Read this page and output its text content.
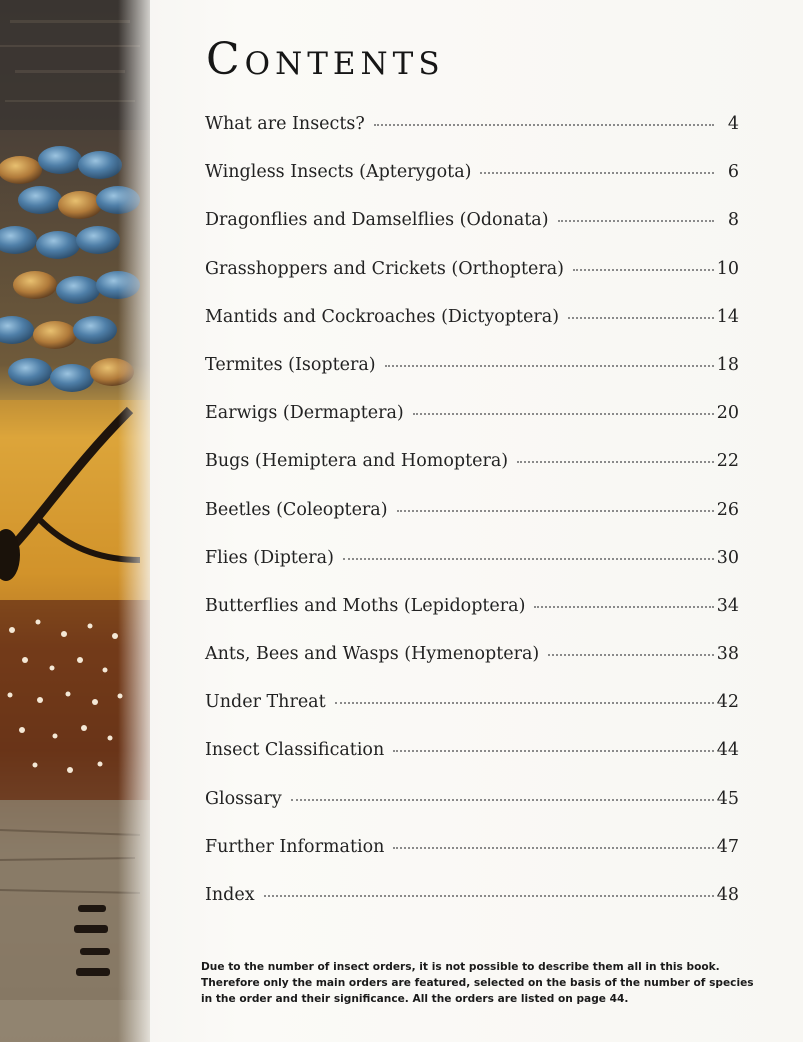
Contents
What are Insects?	4
Wingless Insects (Apterygota)	6
Dragonflies and Damselflies (Odonata)	8
Grasshoppers and Crickets (Orthoptera)	10
Mantids and Cockroaches (Dictyoptera)	14
Termites (Isoptera)	18
Earwigs (Dermaptera)	20
Bugs (Hemiptera and Homoptera)	22
Beetles (Coleoptera)	26
Flies (Diptera)	30
Butterflies and Moths (Lepidoptera)	34
Ants, Bees and Wasps (Hymenoptera)	38
Under Threat	42
Insect Classification	44
Glossary	45
Further Information	47
Index	48

Due to the number of insect orders, it is not possible to describe them all in this book. Therefore only the main orders are featured, selected on the basis of the number of species in the order and their significance. All the orders are listed on page 44.
